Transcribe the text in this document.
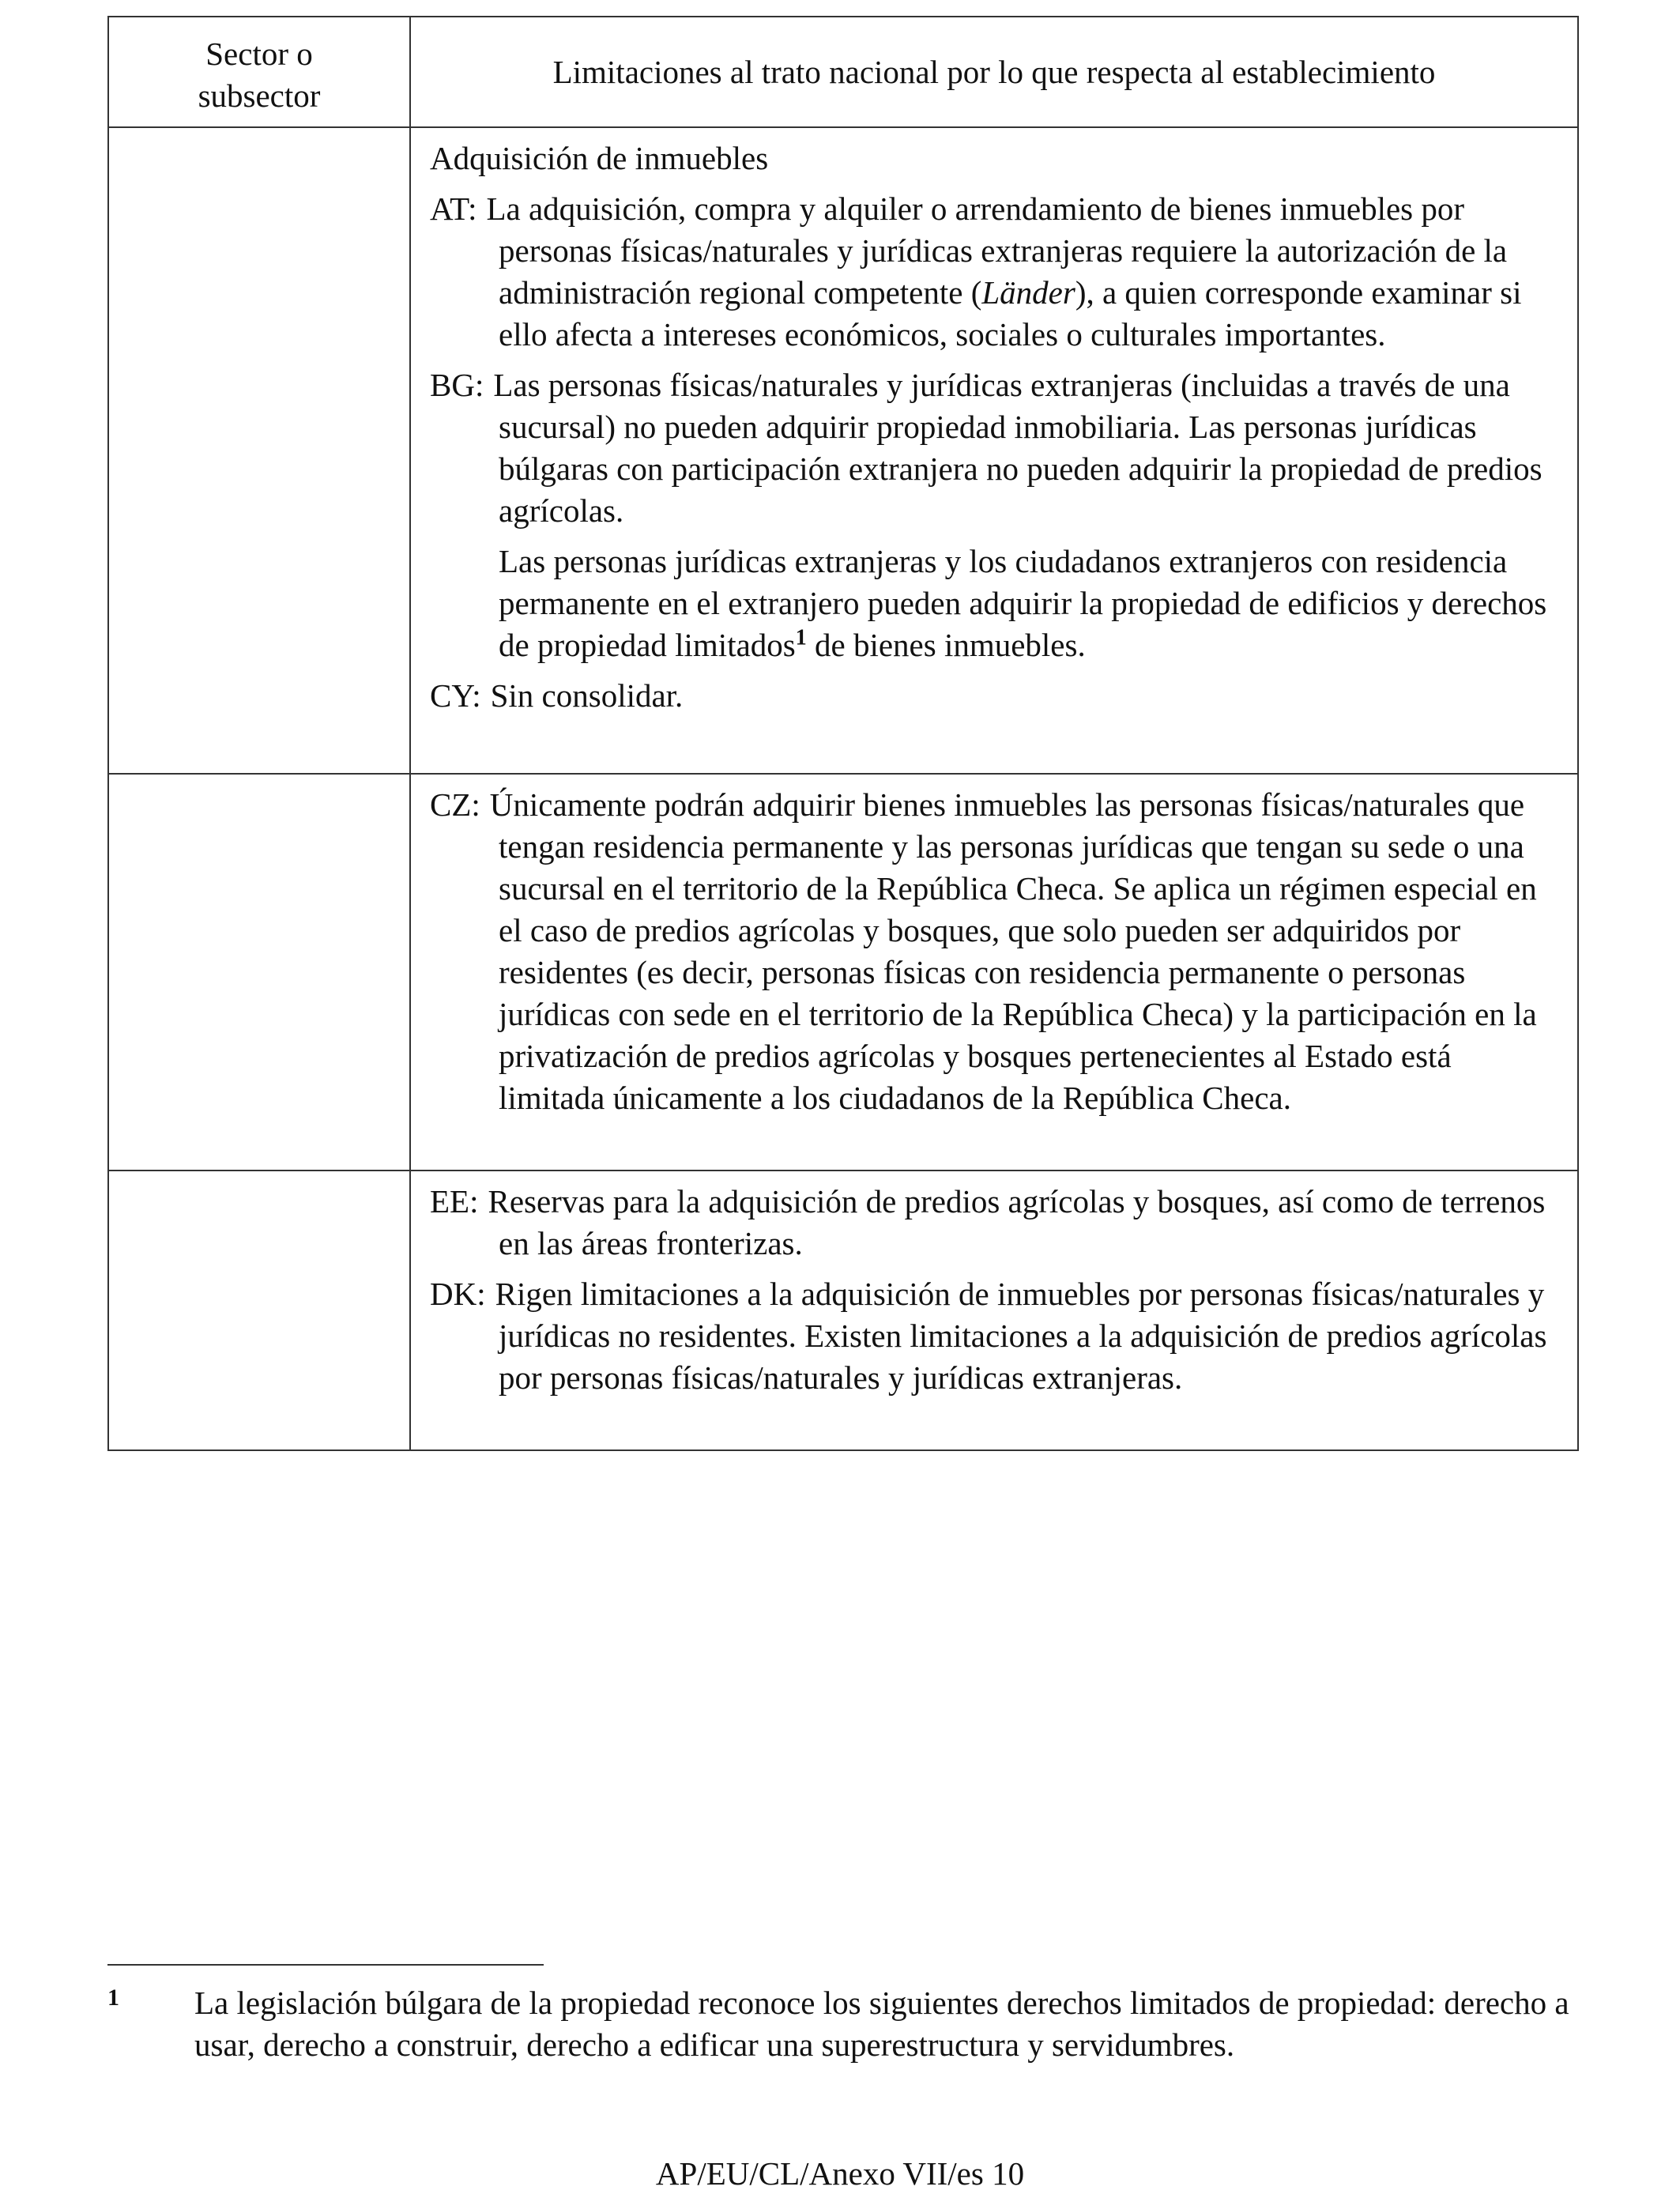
Sector o
subsector	Limitaciones al trato nacional por lo que respecta al establecimiento

	Adquisición de inmuebles
AT: La adquisición, compra y alquiler o arrendamiento de bienes inmuebles por personas físicas/naturales y jurídicas extranjeras requiere la autorización de la administración regional competente (Länder), a quien corresponde examinar si ello afecta a intereses económicos, sociales o culturales importantes.
BG: Las personas físicas/naturales y jurídicas extranjeras (incluidas a través de una sucursal) no pueden adquirir propiedad inmobiliaria. Las personas jurídicas búlgaras con participación extranjera no pueden adquirir la propiedad de predios agrícolas.
Las personas jurídicas extranjeras y los ciudadanos extranjeros con residencia permanente en el extranjero pueden adquirir la propiedad de edificios y derechos de propiedad limitados$^1$ de bienes inmuebles.
CY: Sin consolidar.

	CZ: Únicamente podrán adquirir bienes inmuebles las personas físicas/naturales que tengan residencia permanente y las personas jurídicas que tengan su sede o una sucursal en el territorio de la República Checa. Se aplica un régimen especial en el caso de predios agrícolas y bosques, que solo pueden ser adquiridos por residentes (es decir, personas físicas con residencia permanente o personas jurídicas con sede en el territorio de la República Checa) y la participación en la privatización de predios agrícolas y bosques pertenecientes al Estado está limitada únicamente a los ciudadanos de la República Checa.

	EE: Reservas para la adquisición de predios agrícolas y bosques, así como de terrenos en las áreas fronterizas.
DK: Rigen limitaciones a la adquisición de inmuebles por personas físicas/naturales y jurídicas no residentes. Existen limitaciones a la adquisición de predios agrícolas por personas físicas/naturales y jurídicas extranjeras.
1 La legislación búlgara de la propiedad reconoce los siguientes derechos limitados de propiedad: derecho a usar, derecho a construir, derecho a edificar una superestructura y servidumbres.
AP/EU/CL/Anexo VII/es 10
